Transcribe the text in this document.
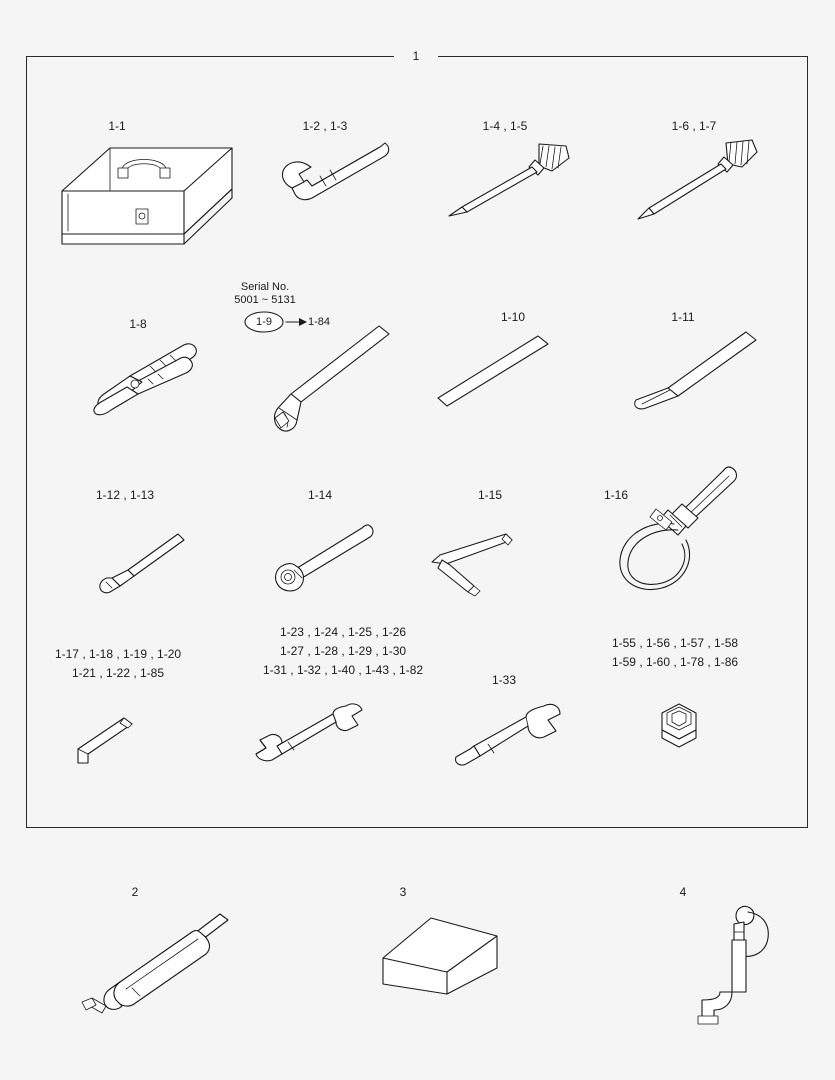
1
1-1	1-2 , 1-3	1-4 , 1-5	1-6 , 1-7
1-8
Serial No.
5001 ~ 5131
1-9	1-84	1-10	1-11
1-12 , 1-13	1-14	1-15	1-16
1-17 , 1-18 , 1-19 , 1-20
1-21 , 1-22 , 1-85
1-23 , 1-24 , 1-25 , 1-26
1-27 , 1-28 , 1-29 , 1-30
1-31 , 1-32 , 1-40 , 1-43 , 1-82
1-33
1-55 , 1-56 , 1-57 , 1-58
1-59 , 1-60 , 1-78 , 1-86
2	3	4
